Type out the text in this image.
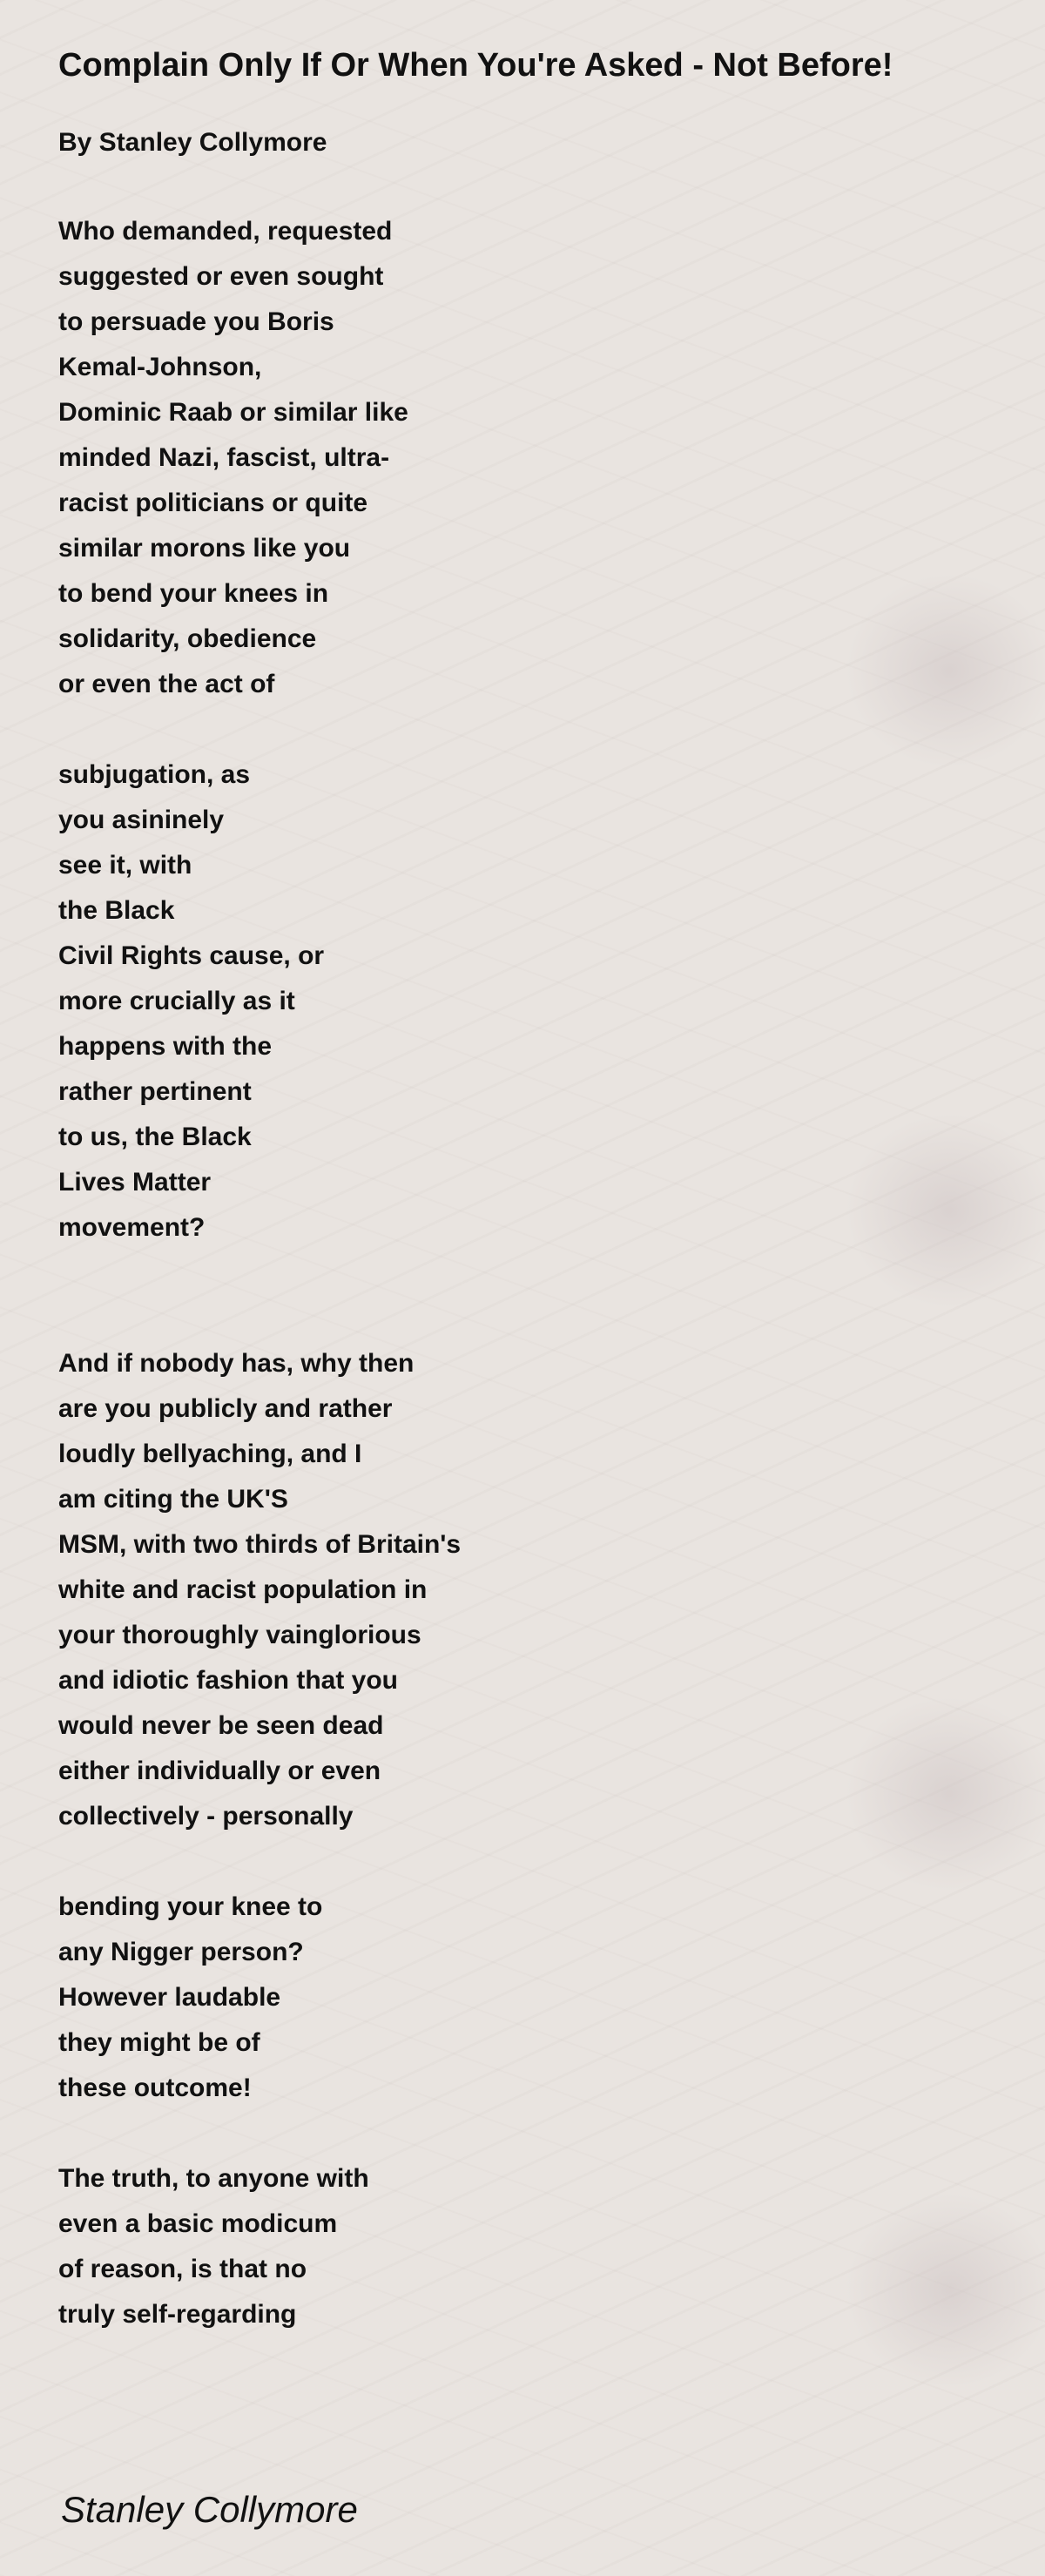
Complain Only If Or When You're Asked - Not Before!
By Stanley Collymore
Who demanded, requested
suggested or even sought
to persuade you Boris
Kemal-Johnson,
Dominic Raab or similar like
minded Nazi, fascist, ultra-
racist politicians or quite
similar morons like you
to bend your knees in
solidarity, obedience
or even the act of
subjugation, as
you asininely
see it, with
the Black
Civil Rights cause, or
more crucially as it
happens with the
rather pertinent
to us, the Black
Lives Matter
movement?
And if nobody has, why then
are you publicly and rather
loudly bellyaching, and I
am citing the UK'S
MSM, with two thirds of Britain's
white and racist population in
your thoroughly vainglorious
and idiotic fashion that you
would never be seen dead
either individually or even
collectively - personally
bending your knee to
any Nigger person?
However laudable
they might be of
these outcome!
The truth, to anyone with
even a basic modicum
of reason, is that no
truly self-regarding
Stanley Collymore
